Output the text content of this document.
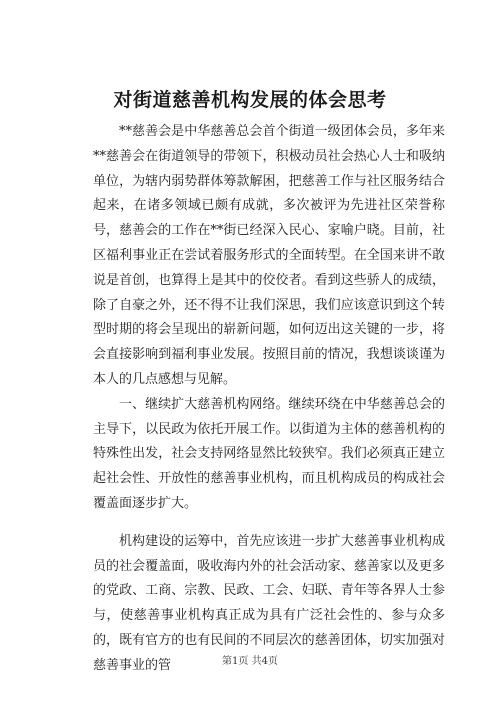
对街道慈善机构发展的体会思考

**慈善会是中华慈善总会首个街道一级团体会员，多年来**慈善会在街道领导的带领下，积极动员社会热心人士和吸纳单位，为辖内弱势群体筹款解困，把慈善工作与社区服务结合起来，在诸多领域已颇有成就，多次被评为先进社区荣誉称号，慈善会的工作在**街已经深入民心、家喻户晓。目前，社区福利事业正在尝试着服务形式的全面转型。在全国来讲不敢说是首创，也算得上是其中的佼佼者。看到这些骄人的成绩，除了自豪之外，还不得不让我们深思，我们应该意识到这个转型时期的将会呈现出的崭新问题，如何迈出这关键的一步，将会直接影响到福利事业发展。按照目前的情况，我想谈谈谨为本人的几点感想与见解。

一、继续扩大慈善机构网络。继续环绕在中华慈善总会的主导下，以民政为依托开展工作。以街道为主体的慈善机构的特殊性出发，社会支持网络显然比较狭窄。我们必须真正建立起社会性、开放性的慈善事业机构，而且机构成员的构成社会覆盖面逐步扩大。

机构建设的运筹中，首先应该进一步扩大慈善事业机构成员的社会覆盖面，吸收海内外的社会活动家、慈善家以及更多的党政、工商、宗教、民政、工会、妇联、青年等各界人士参与，使慈善事业机构真正成为具有广泛社会性的、参与众多的，既有官方的也有民间的不同层次的慈善团体，切实加强对慈善事业的管	第1页 共4页
